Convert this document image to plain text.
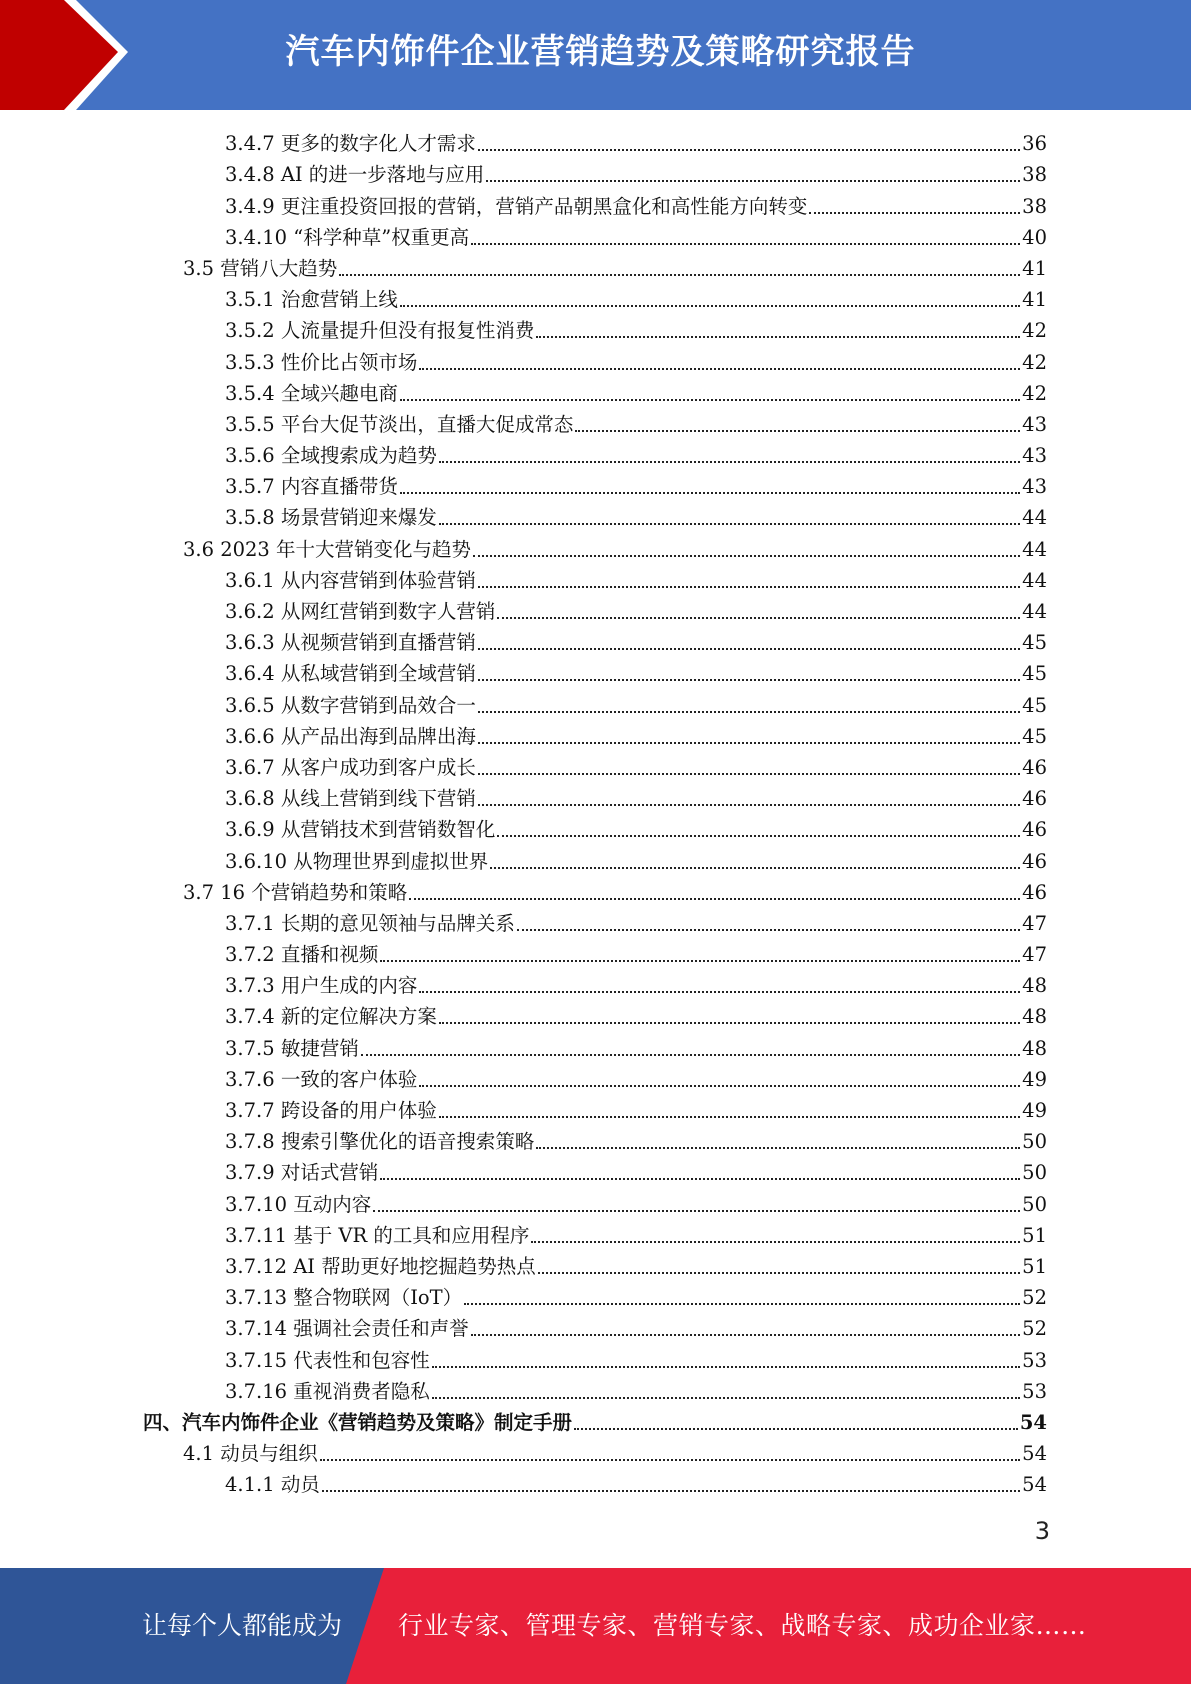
汽车内饰件企业营销趋势及策略研究报告
3.4.7 更多的数字化人才需求	36
3.4.8 AI 的进一步落地与应用	38
3.4.9 更注重投资回报的营销，营销产品朝黑盒化和高性能方向转变	38
3.4.10 “科学种草”权重更高	40
3.5 营销八大趋势	41
3.5.1 治愈营销上线	41
3.5.2 人流量提升但没有报复性消费	42
3.5.3 性价比占领市场	42
3.5.4 全域兴趣电商	42
3.5.5 平台大促节淡出，直播大促成常态	43
3.5.6 全域搜索成为趋势	43
3.5.7 内容直播带货	43
3.5.8 场景营销迎来爆发	44
3.6 2023 年十大营销变化与趋势	44
3.6.1 从内容营销到体验营销	44
3.6.2 从网红营销到数字人营销	44
3.6.3 从视频营销到直播营销	45
3.6.4 从私域营销到全域营销	45
3.6.5 从数字营销到品效合一	45
3.6.6 从产品出海到品牌出海	45
3.6.7 从客户成功到客户成长	46
3.6.8 从线上营销到线下营销	46
3.6.9 从营销技术到营销数智化	46
3.6.10 从物理世界到虚拟世界	46
3.7 16 个营销趋势和策略	46
3.7.1 长期的意见领袖与品牌关系	47
3.7.2 直播和视频	47
3.7.3 用户生成的内容	48
3.7.4 新的定位解决方案	48
3.7.5 敏捷营销	48
3.7.6 一致的客户体验	49
3.7.7 跨设备的用户体验	49
3.7.8 搜索引擎优化的语音搜索策略	50
3.7.9 对话式营销	50
3.7.10 互动内容	50
3.7.11 基于 VR 的工具和应用程序	51
3.7.12 AI 帮助更好地挖掘趋势热点	51
3.7.13 整合物联网（IoT）	52
3.7.14 强调社会责任和声誉	52
3.7.15 代表性和包容性	53
3.7.16 重视消费者隐私	53
四、汽车内饰件企业《营销趋势及策略》制定手册	54
4.1 动员与组织	54
4.1.1 动员	54
3
让每个人都能成为 行业专家、管理专家、营销专家、战略专家、成功企业家……
